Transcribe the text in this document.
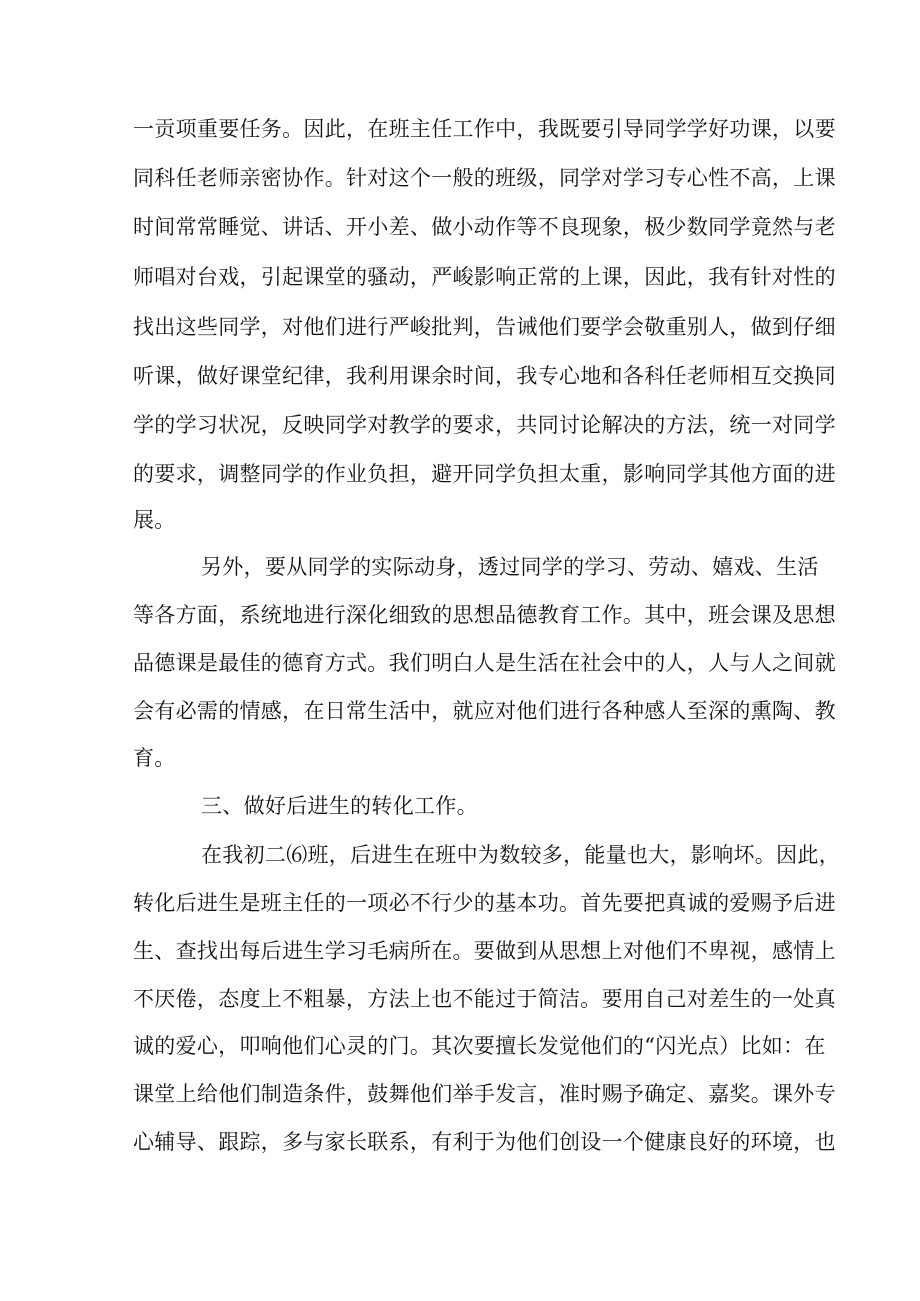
一贡项重要任务。因此，在班主任工作中，我既要引导同学学好功课，以要
同科任老师亲密协作。针对这个一般的班级，同学对学习专心性不高，上课
时间常常睡觉、讲话、开小差、做小动作等不良现象，极少数同学竟然与老
师唱对台戏，引起课堂的骚动，严峻影响正常的上课，因此，我有针对性的
找出这些同学，对他们进行严峻批判，告诫他们要学会敬重别人，做到仔细
听课，做好课堂纪律，我利用课余时间，我专心地和各科任老师相互交换同
学的学习状况，反映同学对教学的要求，共同讨论解决的方法，统一对同学
的要求，调整同学的作业负担，避开同学负担太重，影响同学其他方面的进
展。
另外，要从同学的实际动身，透过同学的学习、劳动、嬉戏、生活
等各方面，系统地进行深化细致的思想品德教育工作。其中，班会课及思想
品德课是最佳的德育方式。我们明白人是生活在社会中的人，人与人之间就
会有必需的情感，在日常生活中，就应对他们进行各种感人至深的熏陶、教
育。
三、做好后进生的转化工作。
在我初二⑹班，后进生在班中为数较多，能量也大，影响坏。因此，
转化后进生是班主任的一项必不行少的基本功。首先要把真诚的爱赐予后进
生、查找出每后进生学习毛病所在。要做到从思想上对他们不卑视，感情上
不厌倦，态度上不粗暴，方法上也不能过于简洁。要用自己对差生的一处真
诚的爱心，叩响他们心灵的门。其次要擅长发觉他们的“闪光点）比如：在
课堂上给他们制造条件，鼓舞他们举手发言，准时赐予确定、嘉奖。课外专
心辅导、跟踪，多与家长联系，有利于为他们创设一个健康良好的环境，也
